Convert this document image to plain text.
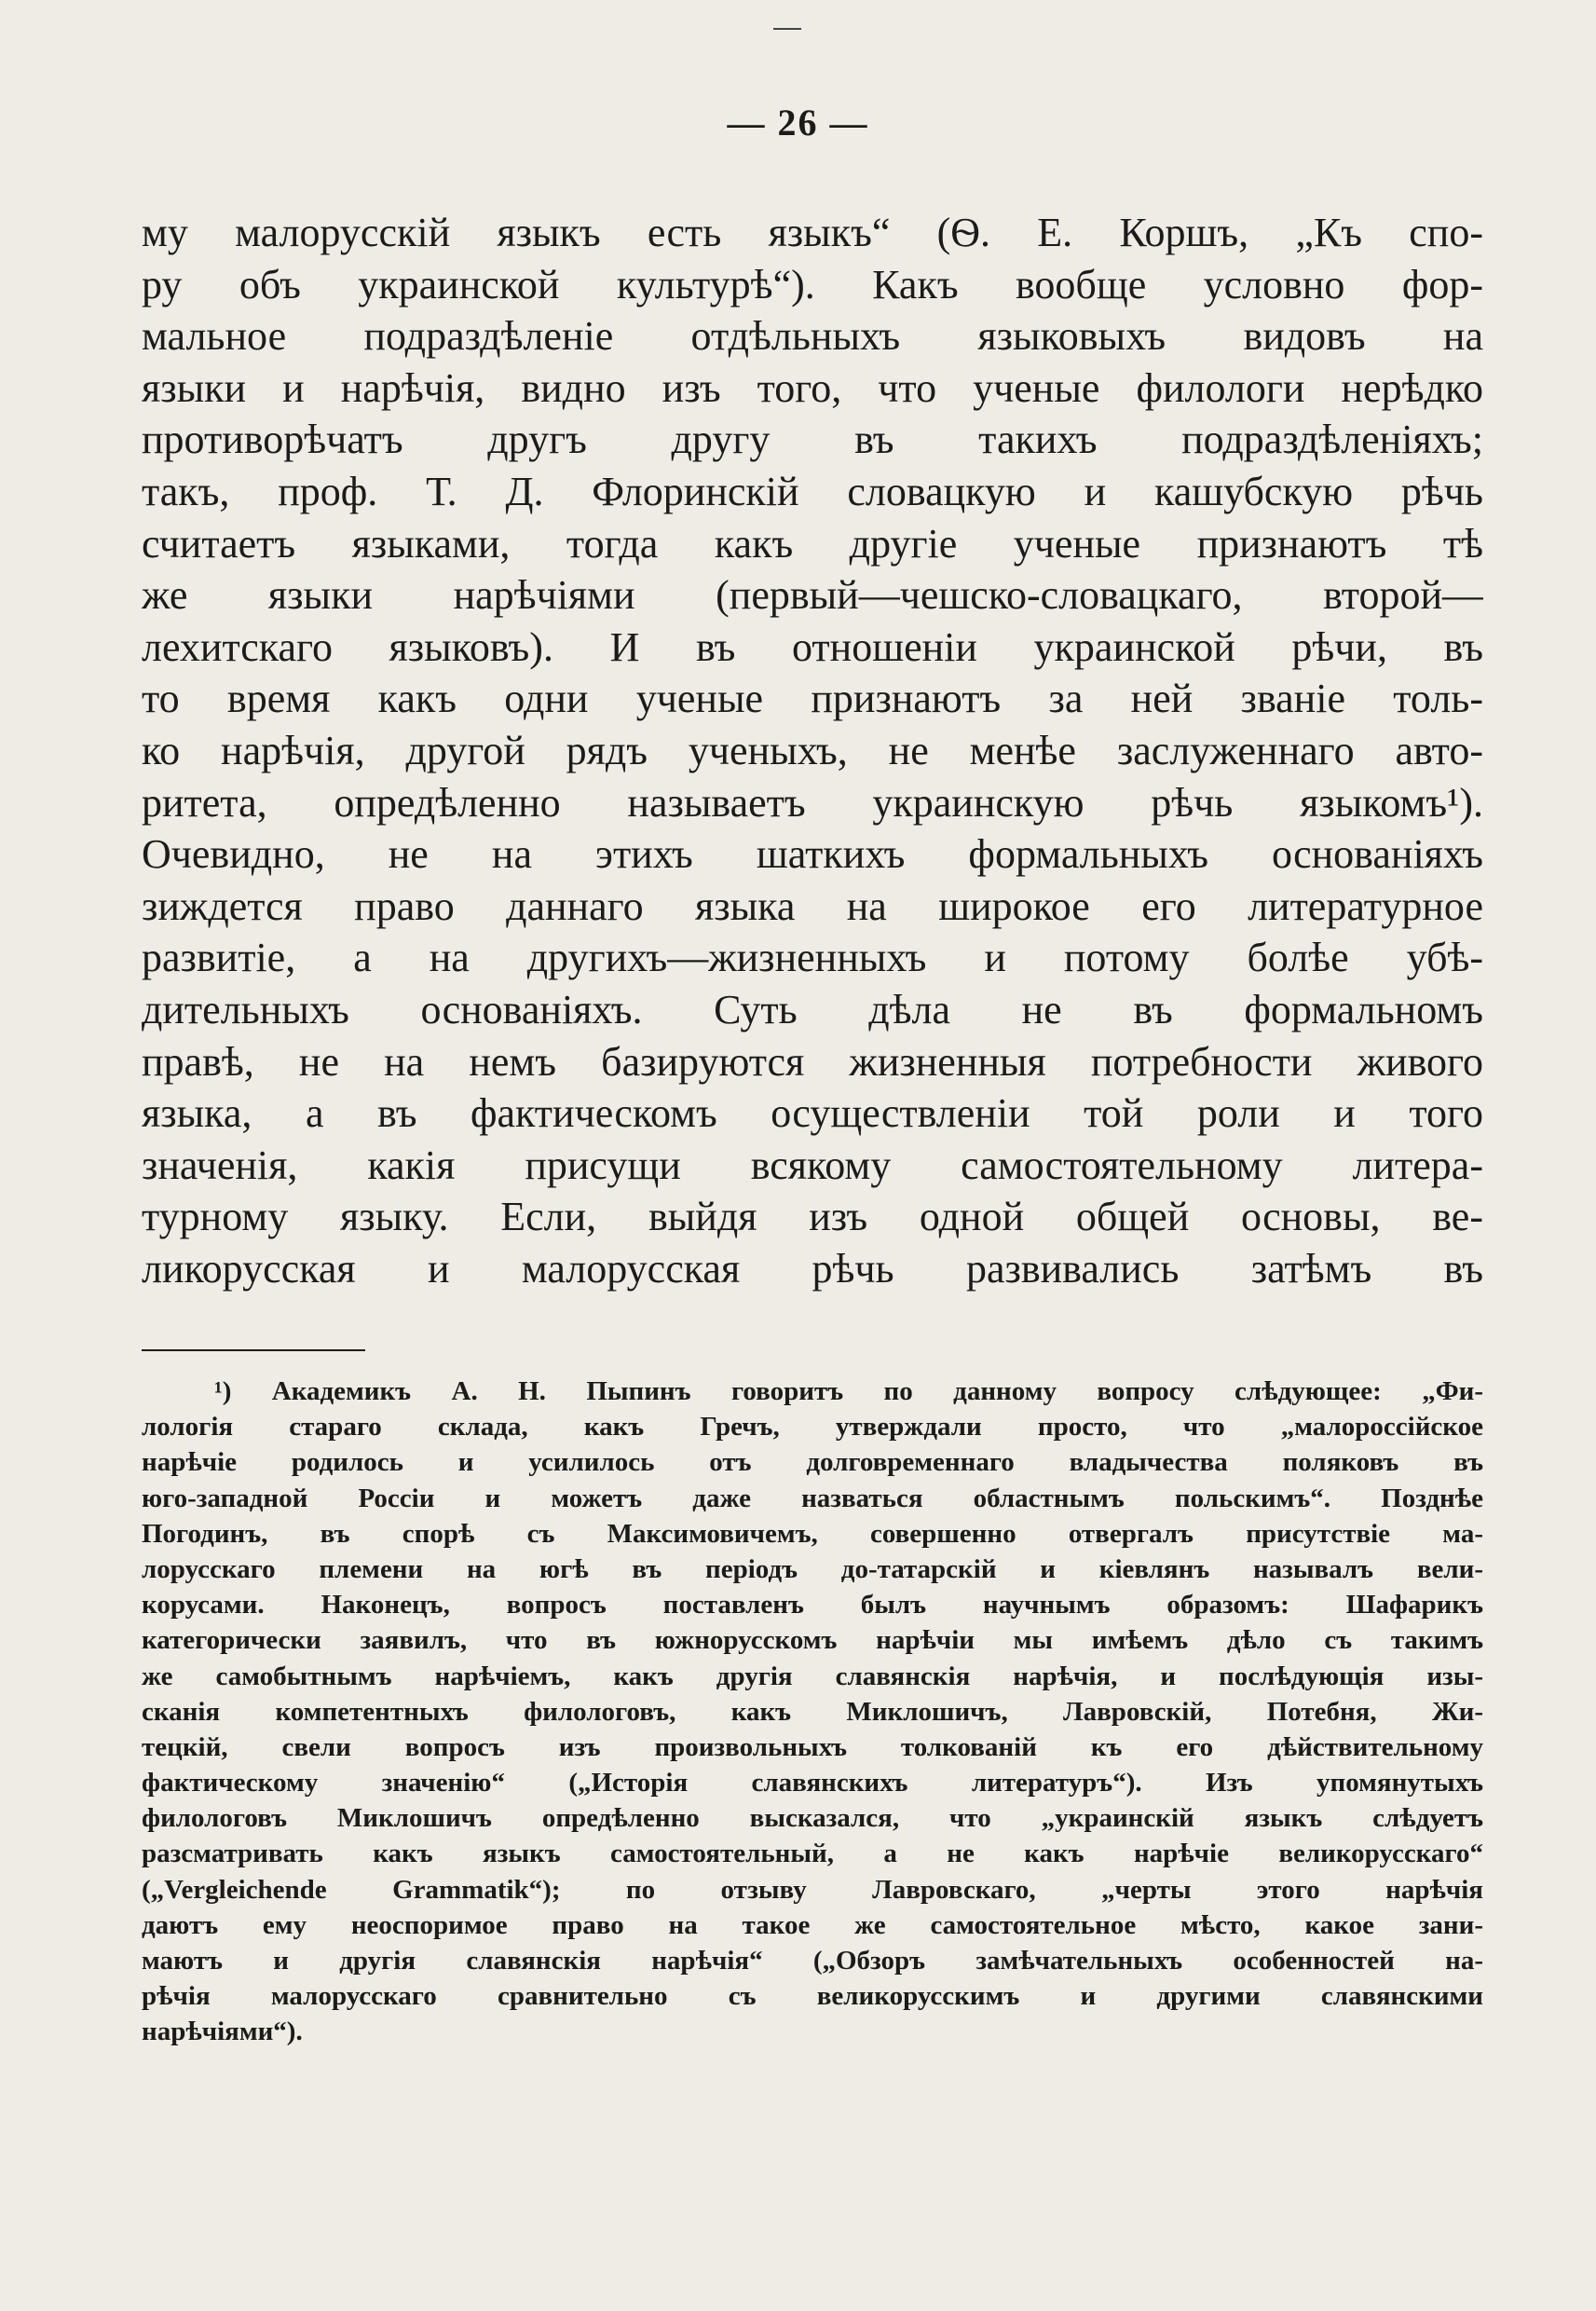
— 26 —
му малорусскій языкъ есть языкъ“ (Ѳ. Е. Коршъ, „Къ спо-
ру объ украинской культурѣ“). Какъ вообще условно фор-
мальное подраздѣленіе отдѣльныхъ языковыхъ видовъ на
языки и нарѣчія, видно изъ того, что ученые филологи нерѣдко
противорѣчатъ другъ другу въ такихъ подраздѣленіяхъ;
такъ, проф. Т. Д. Флоринскій словацкую и кашубскую рѣчь
считаетъ языками, тогда какъ другіе ученые признаютъ тѣ
же языки нарѣчіями (первый—чешско-словацкаго, второй—
лехитскаго языковъ). И въ отношеніи украинской рѣчи, въ
то время какъ одни ученые признаютъ за ней званіе толь-
ко нарѣчія, другой рядъ ученыхъ, не менѣе заслуженнаго авто-
ритета, опредѣленно называетъ украинскую рѣчь языкомъ¹).
Очевидно, не на этихъ шаткихъ формальныхъ основаніяхъ
зиждется право даннаго языка на широкое его литературное
развитіе, а на другихъ—жизненныхъ и потому болѣе убѣ-
дительныхъ основаніяхъ. Суть дѣла не въ формальномъ
правѣ, не на немъ базируются жизненныя потребности живого
языка, а въ фактическомъ осуществленіи той роли и того
значенія, какія присущи всякому самостоятельному литера-
турному языку. Если, выйдя изъ одной общей основы, ве-
ликорусская и малорусская рѣчь развивались затѣмъ въ
¹) Академикъ А. Н. Пыпинъ говоритъ по данному вопросу слѣдующее: „Фи-
лологія стараго склада, какъ Гречъ, утверждали просто, что „малороссійское
нарѣчіе родилось и усилилось отъ долговременнаго владычества поляковъ въ
юго-западной Россіи и можетъ даже назваться областнымъ польскимъ“. Позднѣе
Погодинъ, въ спорѣ съ Максимовичемъ, совершенно отвергалъ присутствіе ма-
лорусскаго племени на югѣ въ періодъ до-татарскій и кіевлянъ называлъ вели-
корусами. Наконецъ, вопросъ поставленъ былъ научнымъ образомъ: Шафарикъ
категорически заявилъ, что въ южнорусскомъ нарѣчіи мы имѣемъ дѣло съ такимъ
же самобытнымъ нарѣчіемъ, какъ другія славянскія нарѣчія, и послѣдующія изы-
сканія компетентныхъ филологовъ, какъ Миклошичъ, Лавровскій, Потебня, Жи-
тецкій, свели вопросъ изъ произвольныхъ толкованій къ его дѣйствительному
фактическому значенію“ („Исторія славянскихъ литературъ“). Изъ упомянутыхъ
филологовъ Миклошичъ опредѣленно высказался, что „украинскій языкъ слѣдуетъ
разсматривать какъ языкъ самостоятельный, а не какъ нарѣчіе великорусскаго“
(„Vergleichende Grammatik“); по отзыву Лавровскаго, „черты этого нарѣчія
даютъ ему неоспоримое право на такое же самостоятельное мѣсто, какое зани-
маютъ и другія славянскія нарѣчія“ („Обзоръ замѣчательныхъ особенностей на-
рѣчія малорусскаго сравнительно съ великорусскимъ и другими славянскими
нарѣчіями“).
